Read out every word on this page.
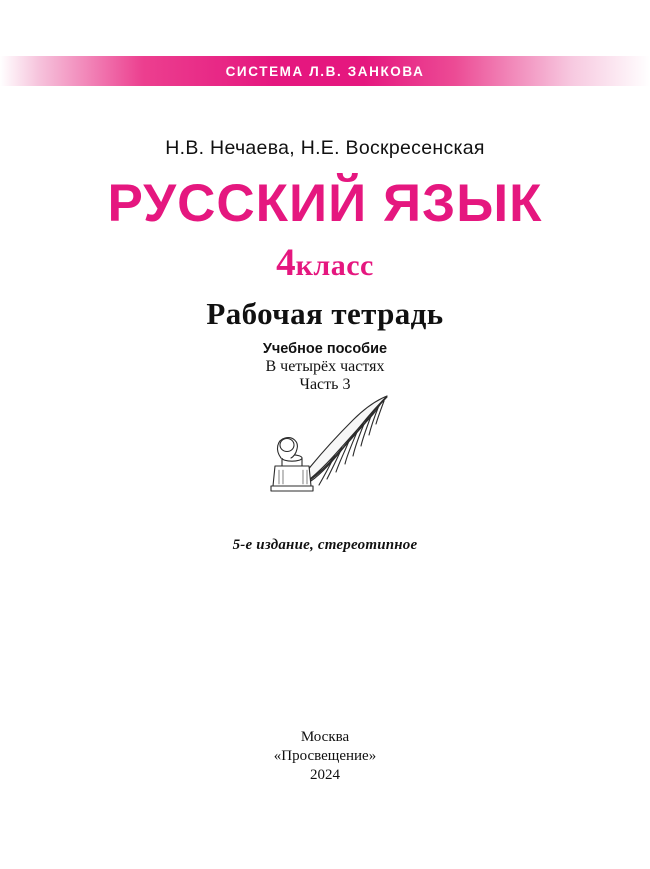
СИСТЕМА Л.В. ЗАНКОВА
Н.В. Нечаева, Н.Е. Воскресенская
РУССКИЙ ЯЗЫК
4класс
Рабочая тетрадь
Учебное пособие
В четырёх частях
Часть 3
5-е издание, стереотипное
Москва
«Просвещение»
2024
